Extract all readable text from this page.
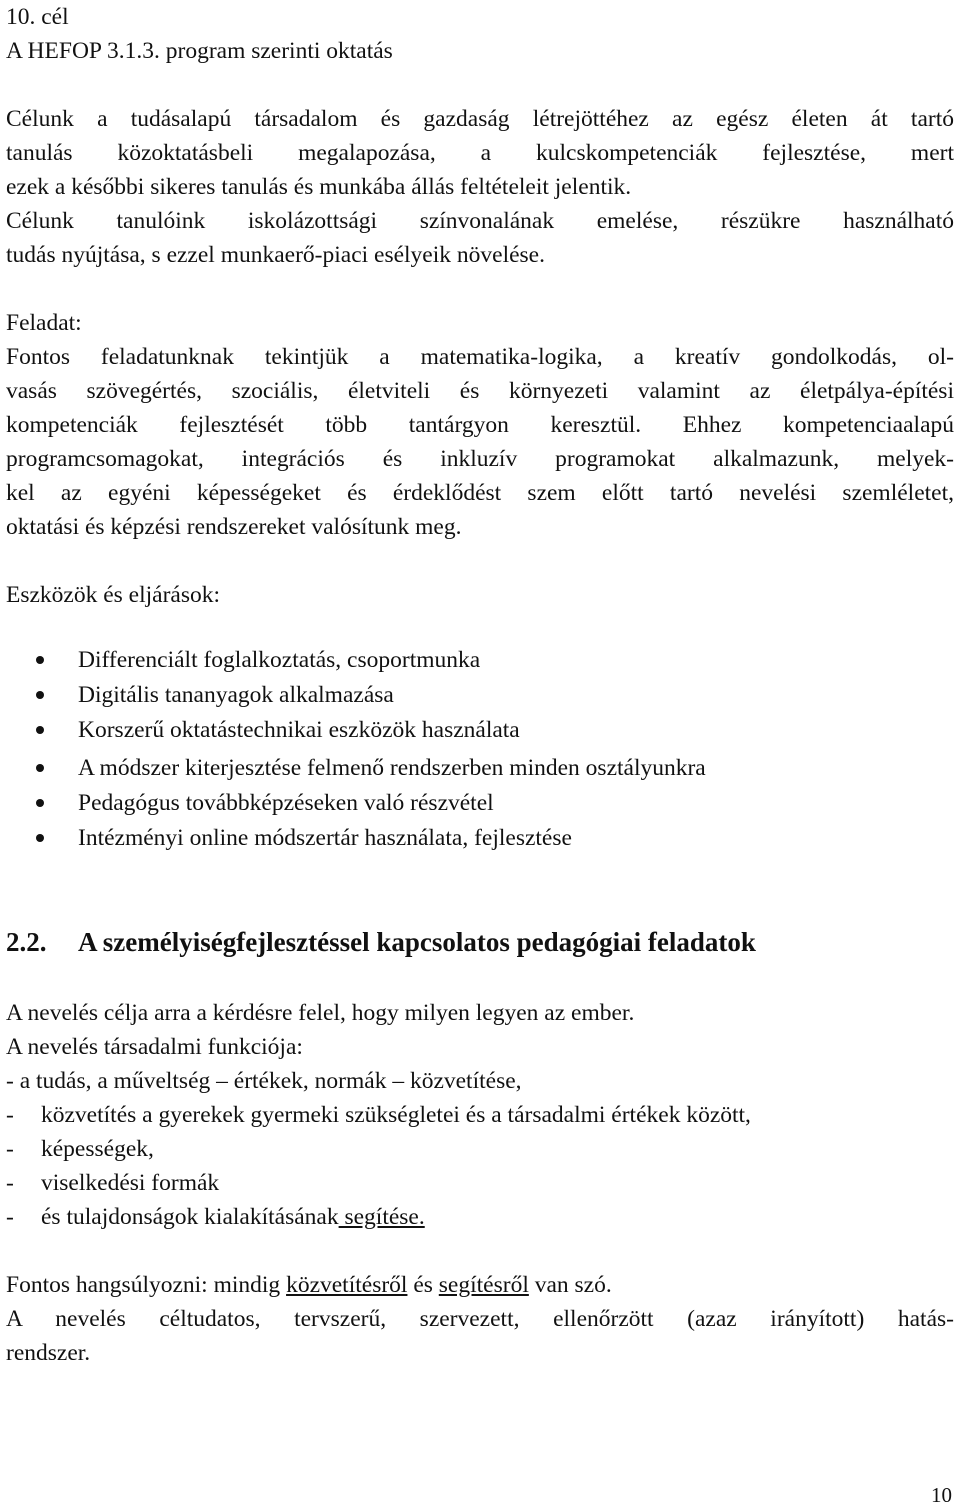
10. cél
A HEFOP 3.1.3. program szerinti oktatás
Célunk a tudásalapú társadalom és gazdaság létrejöttéhez az egész életen át tartó
tanulás közoktatásbeli megalapozása, a kulcskompetenciák fejlesztése, mert
ezek a későbbi sikeres tanulás és munkába állás feltételeit jelentik.
Célunk tanulóink iskolázottsági színvonalának emelése, részükre használható
tudás nyújtása, s ezzel munkaerő-piaci esélyeik növelése.
Feladat:
Fontos feladatunknak tekintjük a matematika-logika, a kreatív gondolkodás, ol-
vasás szövegértés, szociális, életviteli és környezeti valamint az életpálya-építési
kompetenciák fejlesztését több tantárgyon keresztül. Ehhez kompetenciaalapú
programcsomagokat, integrációs és inkluzív programokat alkalmazunk, melyek-
kel az egyéni képességeket és érdeklődést szem előtt tartó nevelési szemléletet,
oktatási és képzési rendszereket valósítunk meg.
Eszközök és eljárások:
Differenciált foglalkoztatás, csoportmunka
Digitális tananyagok alkalmazása
Korszerű oktatástechnikai eszközök használata
A módszer kiterjesztése felmenő rendszerben minden osztályunkra
Pedagógus továbbképzéseken való részvétel
Intézményi online módszertár használata, fejlesztése
2.2. A személyiségfejlesztéssel kapcsolatos pedagógiai feladatok
A nevelés célja arra a kérdésre felel, hogy milyen legyen az ember.
A nevelés társadalmi funkciója:
- a tudás, a műveltség – értékek, normák – közvetítése,
- közvetítés a gyerekek gyermeki szükségletei és a társadalmi értékek között,
- képességek,
- viselkedési formák
- és tulajdonságok kialakításának segítése.
Fontos hangsúlyozni: mindig közvetítésről és segítésről van szó.
A nevelés céltudatos, tervszerű, szervezett, ellenőrzött (azaz irányított) hatás-
rendszer.
10
